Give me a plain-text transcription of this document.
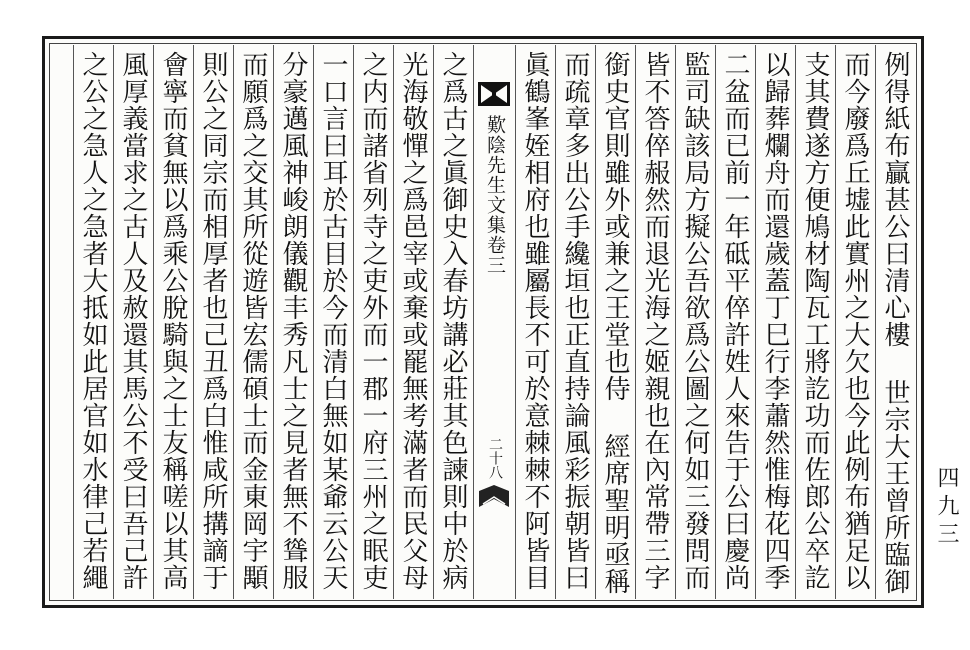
例得紙布贏甚公曰清心樓 世宗大王曾所臨御
而今廢爲丘墟此實州之大欠也今此例布猶足以
支其費遂方便鳩材陶瓦工將訖功而佐郎公卒訖
以歸葬爛舟而還歲蓋丁巳行李蕭然惟梅花四季
二盆而已前一年砥平倅許姓人來告于公曰慶尚
監司缺該局方擬公吾欲爲公圖之何如三發問而
皆不答倅赧然而退光海之姬親也在內常帶三字
銜史官則雖外或兼之王堂也侍 經席聖明亟稱
而疏章多出公手纔垣也正直持論風彩振朝皆曰
眞鶴峯姪相府也雖屬長不可於意棘棘不阿皆目
歎陰先生文集卷三
二十八
之爲古之眞御史入春坊講必莊其色諫則中於病
光海敬憚之爲邑宰或棄或罷無考滿者而民父母
之内而諸省列寺之吏外而一郡一府三州之眠吏
一口言曰耳於古目於今而清白無如某爺云公天
分豪邁風神峻朗儀觀丰秀凡士之見者無不聳服
而願爲之交其所從遊皆宏儒碩士而金東岡宇顒
則公之同宗而相厚者也己丑爲白惟咸所搆謫于
會寧而貧無以爲乘公脫騎與之士友稱嗟以其高
風厚義當求之古人及赦還其馬公不受曰吾己許
之公之急人之急者大抵如此居官如水律己若繩	四九三
